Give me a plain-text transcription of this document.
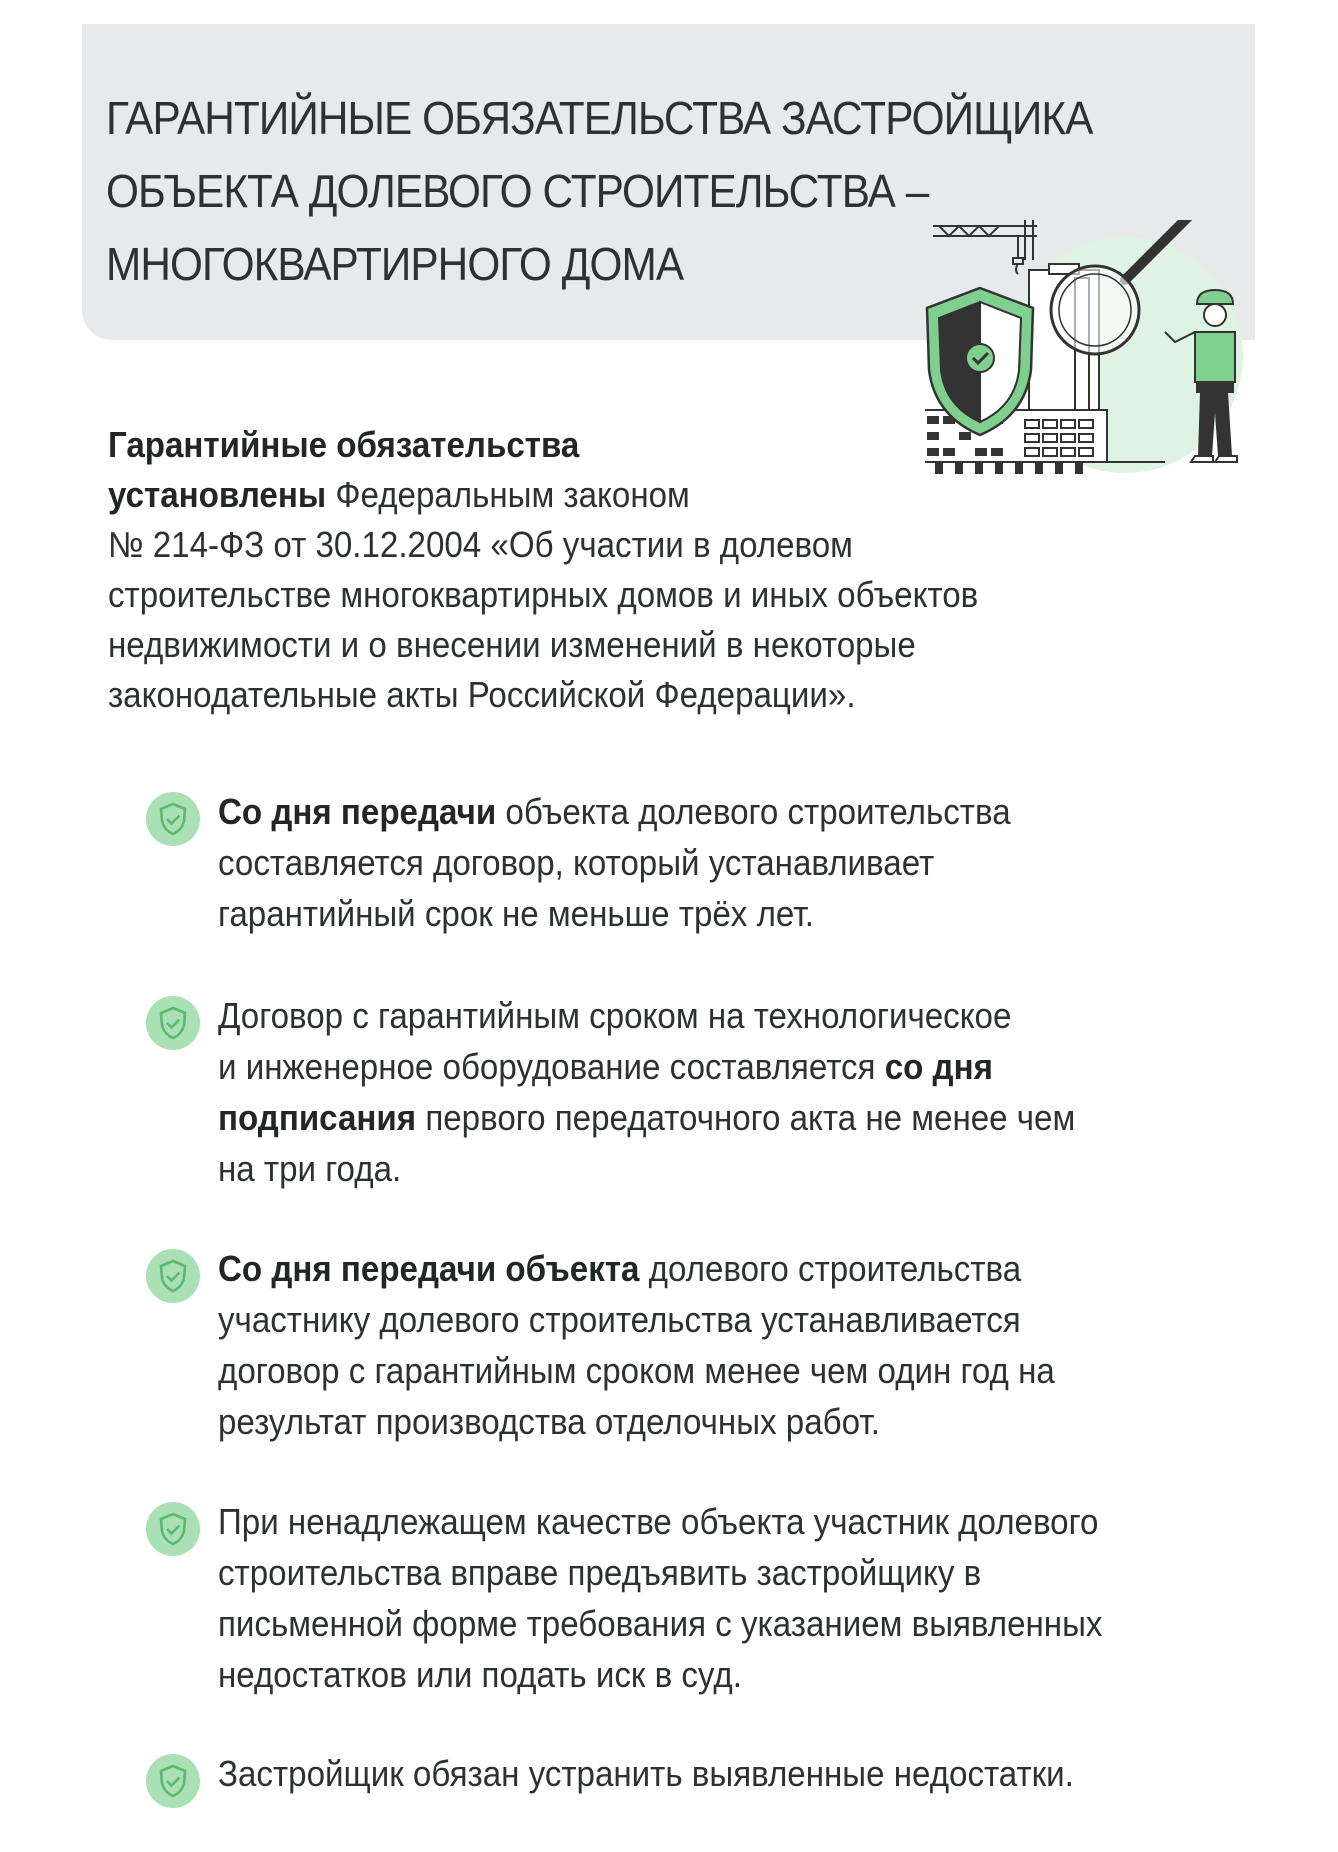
ГАРАНТИЙНЫЕ ОБЯЗАТЕЛЬСТВА ЗАСТРОЙЩИКА
ОБЪЕКТА ДОЛЕВОГО СТРОИТЕЛЬСТВА –
МНОГОКВАРТИРНОГО ДОМА
Гарантийные обязательства
установлены Федеральным законом
№ 214-ФЗ от 30.12.2004 «Об участии в долевом
строительстве многоквартирных домов и иных объектов
недвижимости и о внесении изменений в некоторые
законодательные акты Российской Федерации».
Со дня передачи объекта долевого строительства
составляется договор, который устанавливает
гарантийный срок не меньше трёх лет.
Договор с гарантийным сроком на технологическое
и инженерное оборудование составляется со дня
подписания первого передаточного акта не менее чем
на три года.
Со дня передачи объекта долевого строительства
участнику долевого строительства устанавливается
договор с гарантийным сроком менее чем один год на
результат производства отделочных работ.
При ненадлежащем качестве объекта участник долевого
строительства вправе предъявить застройщику в
письменной форме требования с указанием выявленных
недостатков или подать иск в суд.
Застройщик обязан устранить выявленные недостатки.
